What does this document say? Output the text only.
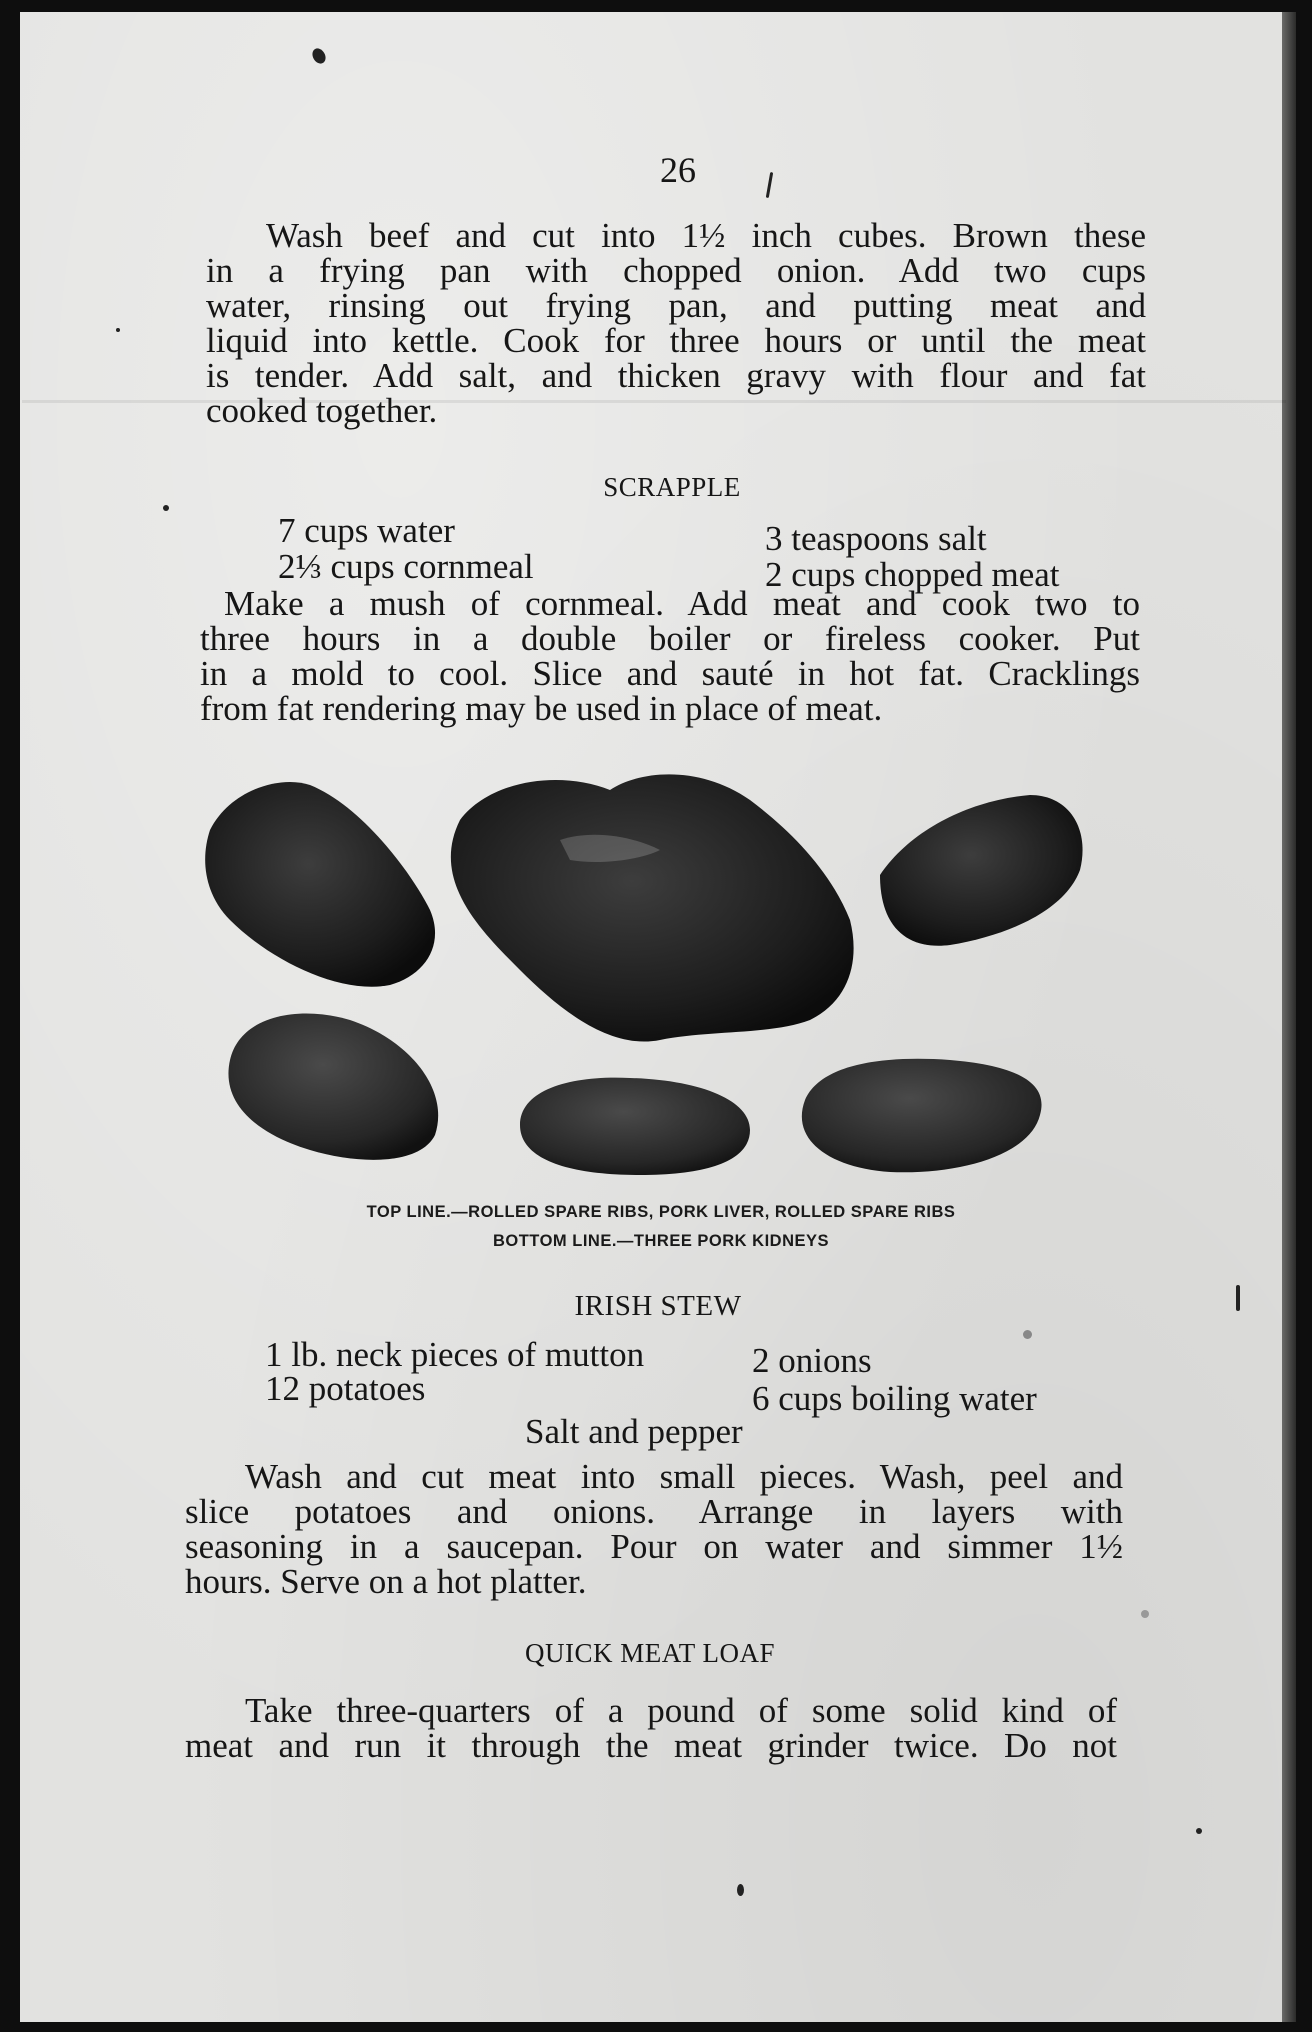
26
Wash beef and cut into 1½ inch cubes. Brown these
in a frying pan with chopped onion. Add two cups
water, rinsing out frying pan, and putting meat and
liquid into kettle. Cook for three hours or until the meat
is tender. Add salt, and thicken gravy with flour and fat
cooked together.
SCRAPPLE
7 cups water
2⅓ cups cornmeal
3 teaspoons salt
2 cups chopped meat
Make a mush of cornmeal. Add meat and cook two to
three hours in a double boiler or fireless cooker. Put
in a mold to cool. Slice and sauté in hot fat. Cracklings
from fat rendering may be used in place of meat.
TOP LINE.—ROLLED SPARE RIBS, PORK LIVER, ROLLED SPARE RIBS
BOTTOM LINE.—THREE PORK KIDNEYS
IRISH STEW
1 lb. neck pieces of mutton
12 potatoes
2 onions
6 cups boiling water
Salt and pepper
Wash and cut meat into small pieces. Wash, peel and
slice potatoes and onions. Arrange in layers with
seasoning in a saucepan. Pour on water and simmer 1½
hours. Serve on a hot platter.
QUICK MEAT LOAF
Take three-quarters of a pound of some solid kind of
meat and run it through the meat grinder twice. Do not
